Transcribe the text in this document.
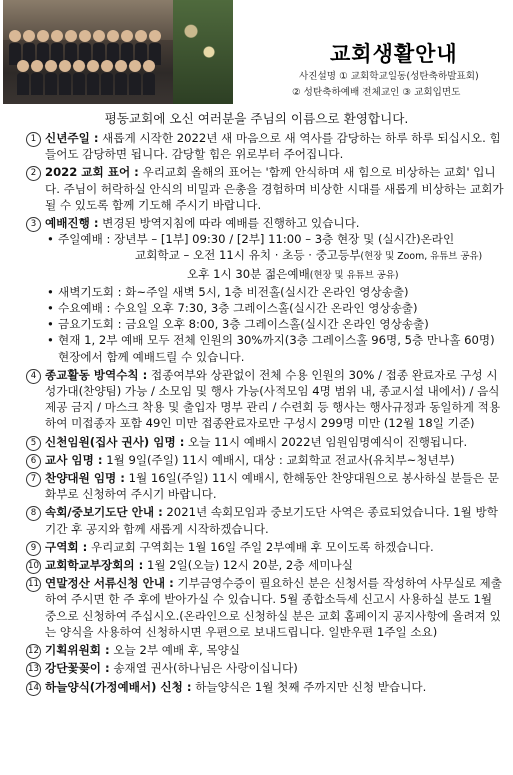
교회생활안내
사진설명 ① 교회학교일동(성탄축하발표회)
② 성탄축하예배 전체교인 ③ 교회입면도
평동교회에 오신 여러분을 주님의 이름으로 환영합니다.
1 신년주일 : 새롭게 시작한 2022년 새 마음으로 새 역사를 감당하는 하루 하루 되십시오. 힘들어도 감당하면 됩니다. 감당할 힘은 위로부터 주어집니다.
2 2022 교회 표어 : 우리교회 올해의 표어는 '함께 안식하며 새 힘으로 비상하는 교회' 입니다. 주님이 허락하실 안식의 비밀과 은총을 경험하며 비상한 시대를 새롭게 비상하는 교회가 될 수 있도록 함께 기도해 주시기 바랍니다.
3 예배진행 : 변경된 방역지침에 따라 예배를 진행하고 있습니다.
• 주일예배 : 장년부 – [1부] 09:30 / [2부] 11:00 – 3층 현장 및 (실시간)온라인
교회학교 – 오전 11시 유치 · 초등 · 중고등부(현장 및 Zoom, 유튜브 공유)
오후 1시 30분 젊은예배(현장 및 유튜브 공유)
• 새벽기도회 : 화~주일 새벽 5시, 1층 비전홀(실시간 온라인 영상송출)
• 수요예배 : 수요일 오후 7:30, 3층 그레이스홀(실시간 온라인 영상송출)
• 금요기도회 : 금요일 오후 8:00, 3층 그레이스홀(실시간 온라인 영상송출)
• 현재 1, 2부 예배 모두 전체 인원의 30%까지(3층 그레이스홀 96명, 5층 만나홀 60명) 현장에서 함께 예배드릴 수 있습니다.
4 종교활동 방역수칙 : 접종여부와 상관없이 전체 수용 인원의 30% / 접종 완료자로 구성 시 성가대(찬양팀) 가능 / 소모임 및 행사 가능(사적모임 4명 범위 내, 종교시설 내에서) / 음식 제공 금지 / 마스크 착용 및 출입자 명부 관리 / 수련회 등 행사는 행사규정과 동일하게 적용하여 미접종자 포함 49인 미만 접종완료자로만 구성시 299명 미만 (12월 18일 기준)
5 신천임원(집사 권사) 임명 : 오늘 11시 예배시 2022년 임원임명예식이 진행됩니다.
6 교사 임명 : 1월 9일(주일) 11시 예배시, 대상 : 교회학교 전교사(유치부~청년부)
7 찬양대원 임명 : 1월 16일(주일) 11시 예배시, 한해동안 찬양대원으로 봉사하실 분들은 문화부로 신청하여 주시기 바랍니다.
8 속회/중보기도단 안내 : 2021년 속회모임과 중보기도단 사역은 종료되었습니다. 1월 방학기간 후 공지와 함께 새롭게 시작하겠습니다.
9 구역회 : 우리교회 구역회는 1월 16일 주일 2부예배 후 모이도록 하겠습니다.
10 교회학교부장회의 : 1월 2일(오늘) 12시 20분, 2층 세미나실
11 연말정산 서류신청 안내 : 기부금영수증이 필요하신 분은 신청서를 작성하여 사무실로 제출하여 주시면 한 주 후에 받아가실 수 있습니다. 5월 종합소득세 신고시 사용하실 분도 1월 중으로 신청하여 주십시오.(온라인으로 신청하실 분은 교회 홈페이지 공지사항에 올려져 있는 양식을 사용하여 신청하시면 우편으로 보내드립니다. 일반우편 1주일 소요)
12 기획위원회 : 오늘 2부 예배 후, 목양실
13 강단꽃꽂이 : 송재열 권사(하나님은 사랑이십니다)
14 하늘양식(가정예배서) 신청 : 하늘양식은 1월 첫째 주까지만 신청 받습니다.
